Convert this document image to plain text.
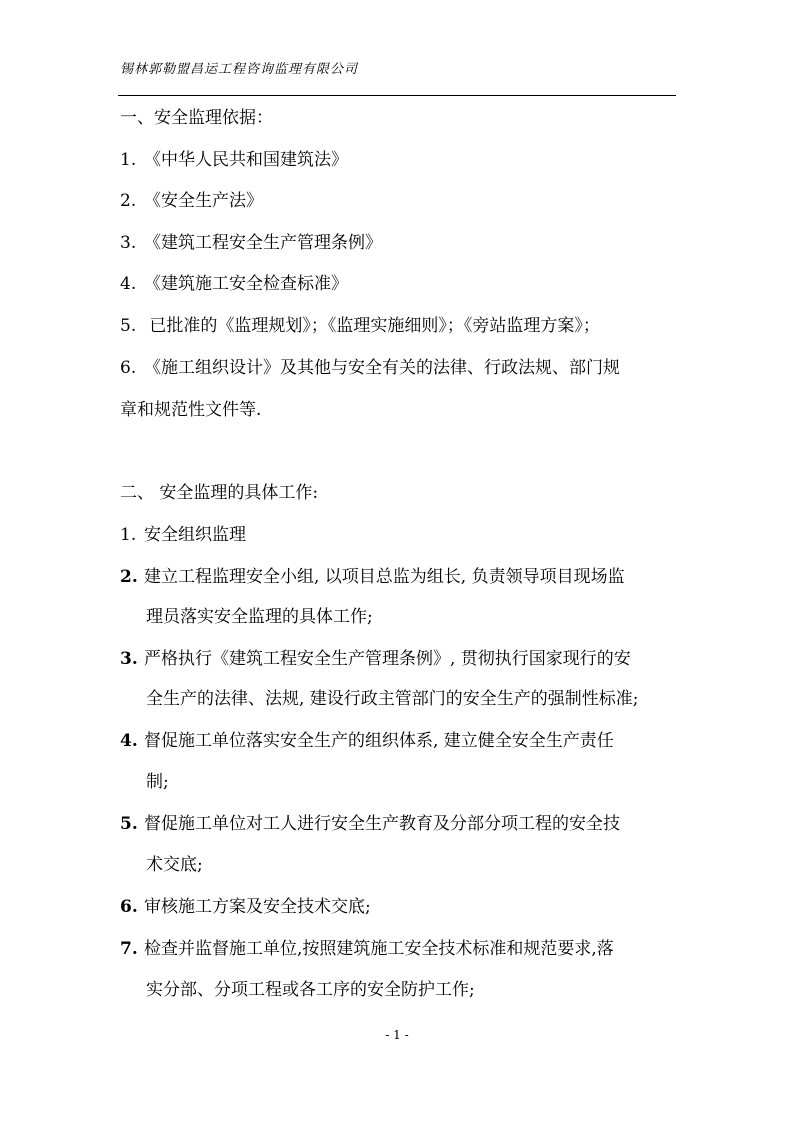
锡林郭勒盟昌运工程咨询监理有限公司
一、安全监理依据：
1. 《中华人民共和国建筑法》
2. 《安全生产法》
3. 《建筑工程安全生产管理条例》
4. 《建筑施工安全检查标准》
5. 已批准的《监理规划》；《监理实施细则》；《旁站监理方案》；
6. 《施工组织设计》及其他与安全有关的法律、行政法规、部门规
章和规范性文件等.
二、 安全监理的具体工作:
1. 安全组织监理
2. 建立工程监理安全小组, 以项目总监为组长, 负责领导项目现场监
理员落实安全监理的具体工作;
3. 严格执行《建筑工程安全生产管理条例》, 贯彻执行国家现行的安
全生产的法律、法规, 建设行政主管部门的安全生产的强制性标准;
4. 督促施工单位落实安全生产的组织体系, 建立健全安全生产责任
制;
5. 督促施工单位对工人进行安全生产教育及分部分项工程的安全技
术交底;
6. 审核施工方案及安全技术交底;
7. 检查并监督施工单位,按照建筑施工安全技术标准和规范要求,落
实分部、分项工程或各工序的安全防护工作;
- 1 -
